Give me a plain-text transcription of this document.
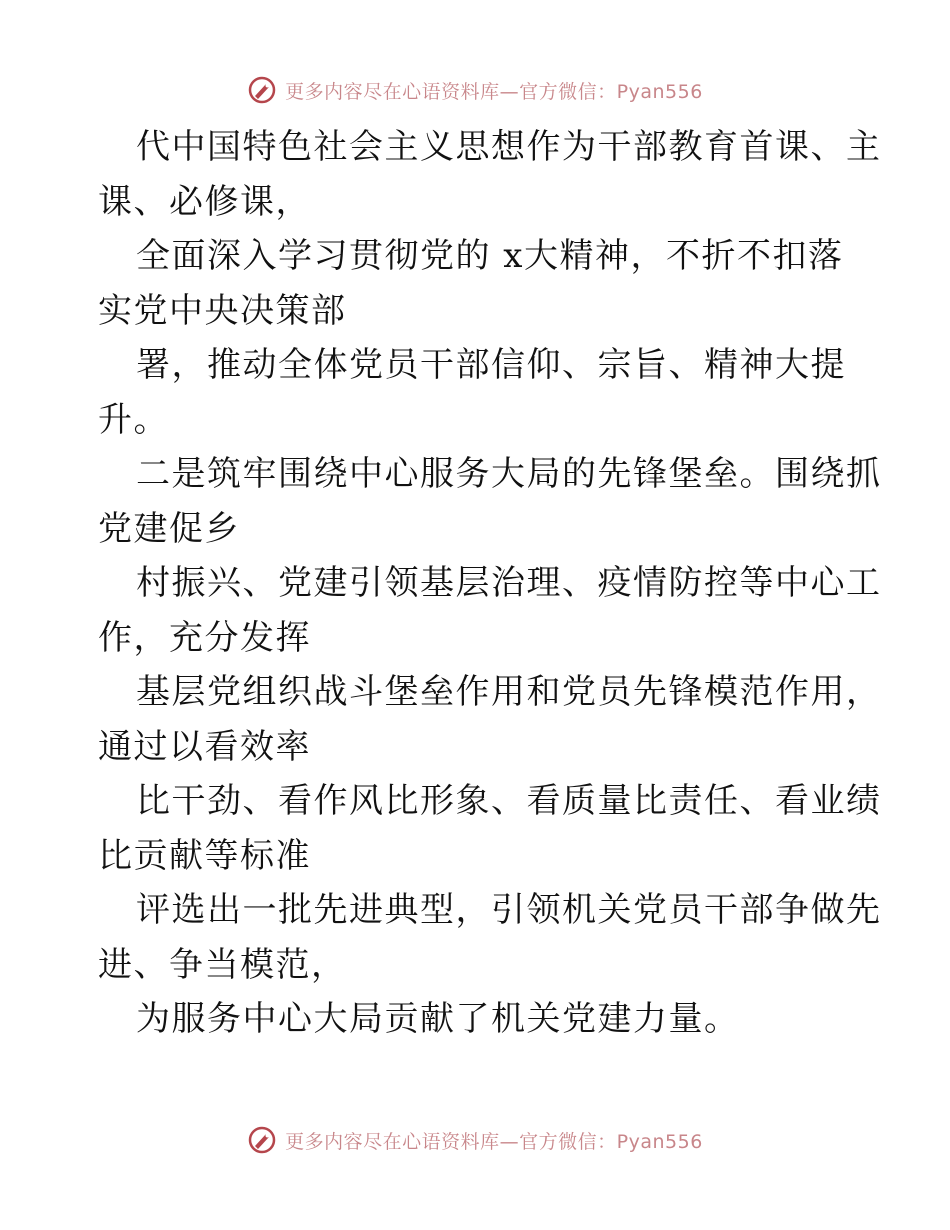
更多内容尽在心语资料库—官方微信：Pyan556
代中国特色社会主义思想作为干部教育首课、主
课、必修课，
全面深入学习贯彻党的 x大精神，不折不扣落
实党中央决策部
署，推动全体党员干部信仰、宗旨、精神大提
升。
二是筑牢围绕中心服务大局的先锋堡垒。围绕抓
党建促乡
村振兴、党建引领基层治理、疫情防控等中心工
作，充分发挥
基层党组织战斗堡垒作用和党员先锋模范作用，
通过以看效率
比干劲、看作风比形象、看质量比责任、看业绩
比贡献等标准
评选出一批先进典型，引领机关党员干部争做先
进、争当模范，
为服务中心大局贡献了机关党建力量。
更多内容尽在心语资料库—官方微信：Pyan556
